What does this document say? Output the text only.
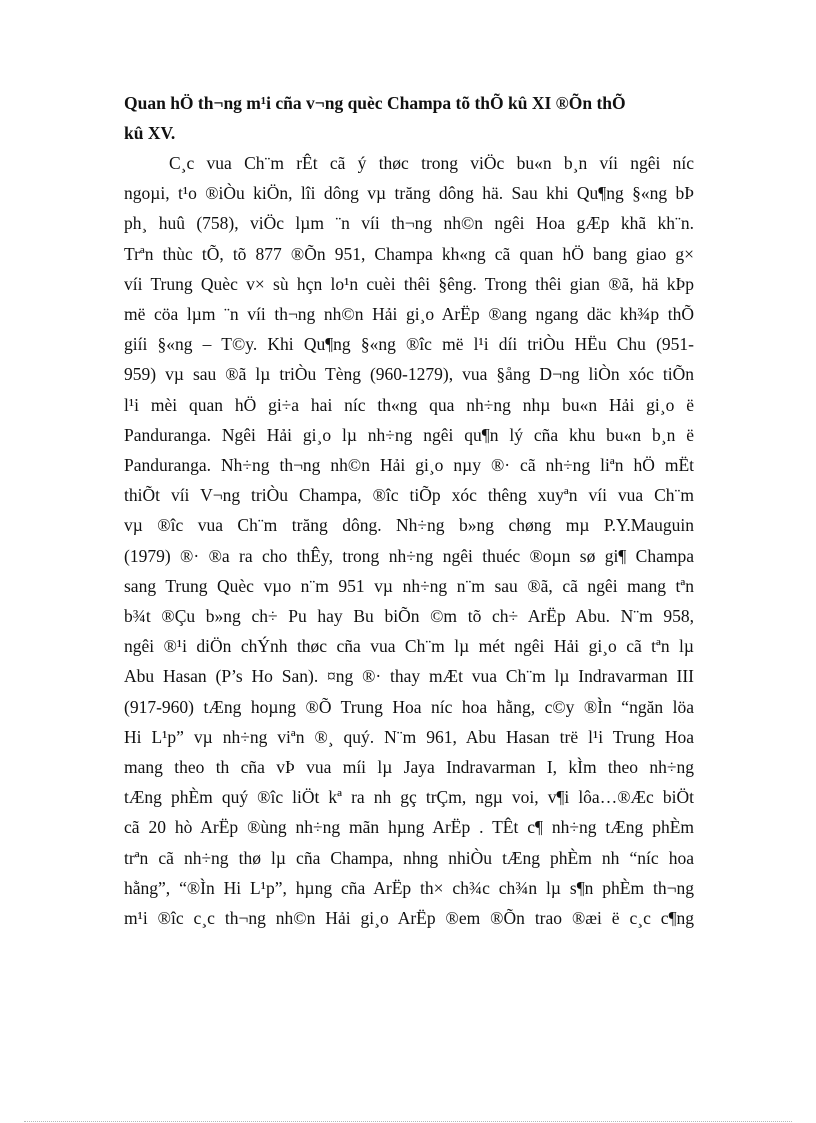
Quan hÖ th¬ng m¹i cña v¬ng quèc Champa tõ thÕ kû XI ®Õn thÕ
kû XV.
C¸c vua Ch¨m rÊt cã ý thøc trong viÖc bu«n b¸n víi ngêi níc
ngoµi, t¹o ®iÒu kiÖn, lîi dông vµ trăng dông hä. Sau khi Qu¶ng §«ng bÞ
ph¸ huû (758), viÖc lµm ¨n víi th¬ng nh©n ngêi Hoa gÆp khã kh¨n.
Trªn thùc tÕ, tõ 877 ®Õn 951, Champa kh«ng cã quan hÖ bang giao g×
víi Trung Quèc v× sù hçn lo¹n cuèi thêi §êng. Trong thêi gian ®ã, hä kÞp
më cöa lµm ¨n víi th¬ng nh©n Hải gi¸o ArËp ®ang ngang däc kh¾p thÕ
giíi §«ng – T©y. Khi Qu¶ng §«ng ®îc më l¹i díi triÒu HËu Chu (951-
959) vµ sau ®ã lµ triÒu Tèng (960-1279), vua §ång D¬ng liÒn xóc tiÕn
l¹i mèi quan hÖ gi÷a hai níc th«ng qua nh÷ng nhµ bu«n Hải gi¸o ë
Panduranga. Ngêi Hải gi¸o lµ nh÷ng ngêi qu¶n lý cña khu bu«n b¸n ë
Panduranga. Nh÷ng th¬ng nh©n Hải gi¸o nµy ®· cã nh÷ng liªn hÖ mËt
thiÕt víi V¬ng triÒu Champa, ®îc tiÕp xóc thêng xuyªn víi vua Ch¨m
vµ ®îc vua Ch¨m trăng dông. Nh÷ng b»ng chøng mµ P.Y.Mauguin
(1979) ®· ®a ra cho thÊy, trong nh÷ng ngêi thuéc ®oµn sø gi¶ Champa
sang Trung Quèc vµo n¨m 951 vµ nh÷ng n¨m sau ®ã, cã ngêi mang tªn
b¾t ®Çu b»ng ch÷ Pu hay Bu biÕn ©m tõ ch÷ ArËp Abu. N¨m 958,
ngêi ®¹i diÖn chÝnh thøc cña vua Ch¨m lµ mét ngêi Hải gi¸o cã tªn lµ
Abu Hasan (P’s Ho San). ¤ng ®· thay mÆt vua Ch¨m lµ Indravarman III
(917-960) tÆng hoµng ®Õ Trung Hoa níc hoa hằng, c©y ®Ìn “ngăn löa
Hi L¹p” vµ nh÷ng viªn ®¸ quý. N¨m 961, Abu Hasan trë l¹i Trung Hoa
mang theo th cña vÞ vua míi lµ Jaya Indravarman I, kÌm theo nh÷ng
tÆng phÈm quý ®îc liÖt kª ra nh gç trÇm, ngµ voi, v¶i lôa…®Æc biÖt
cã 20 hò ArËp ®ùng nh÷ng mãn hµng ArËp . TÊt c¶ nh÷ng tÆng phÈm
trªn cã nh÷ng thø lµ cña Champa, nhng nhiÒu tÆng phÈm nh “níc hoa
hằng”, “®Ìn Hi L¹p”, hµng cña ArËp th× ch¾c ch¾n lµ s¶n phÈm th¬ng
m¹i ®îc c¸c th¬ng nh©n Hải gi¸o ArËp ®em ®Õn trao ®æi ë c¸c c¶ng
